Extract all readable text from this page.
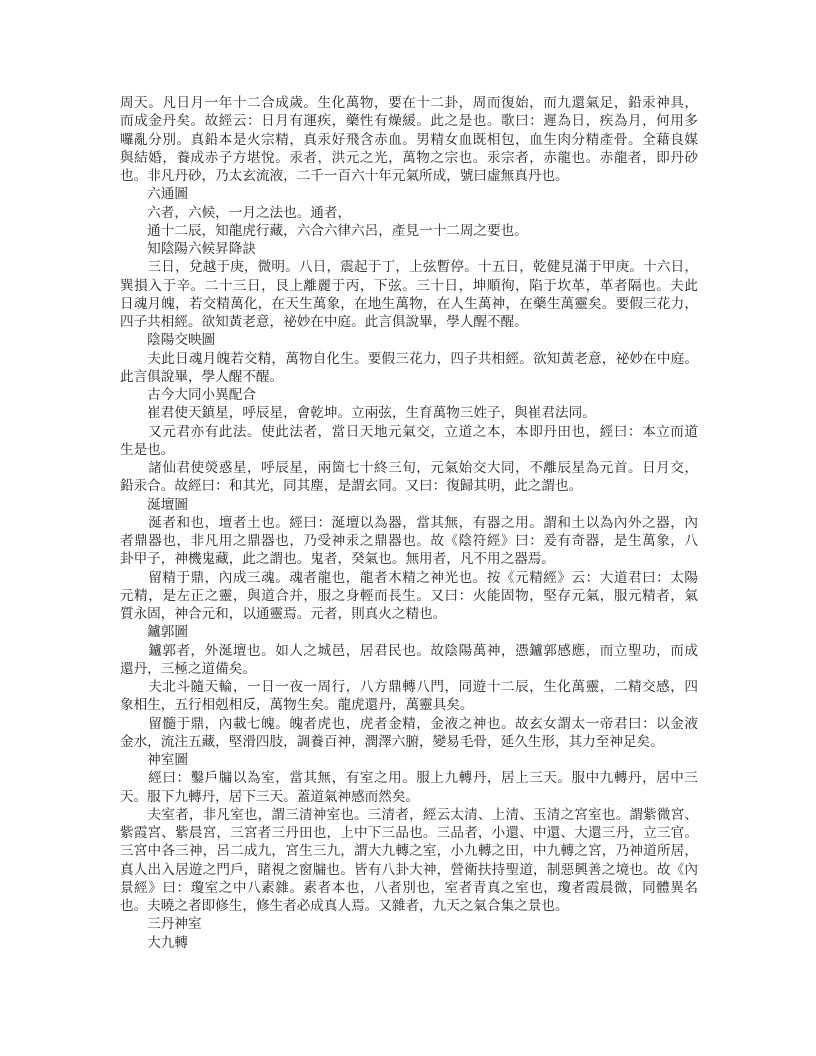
周天。凡日月一年十二合成歲。生化萬物，要在十二卦，周而復始，而九還氣足，鉛汞神具，
而成金丹矣。故經云：日月有運疾，藥性有燥緩。此之是也。歌曰：遲為日，疾為月，何用多
囉亂分別。真鉛本是火宗精，真汞好飛含赤血。男精女血既相包，血生肉分精產骨。全藉良媒
與結婚，養成赤子方堪悅。汞者，洪元之光，萬物之宗也。汞宗者，赤龍也。赤龍者，即丹砂
也。非凡丹砂，乃太玄流液，二千一百六十年元氣所成，號曰虛無真丹也。
　　六通圖
　　六者，六候，一月之法也。通者，
　　通十二辰，知龍虎行藏，六合六律六呂，產見一十二周之要也。
　　知陰陽六候昇降訣
　　三日，兌越于庚，微明。八日，震起于丁，上弦暫停。十五日，乾健見滿于甲庚。十六日，
巽損入于辛。二十三日，艮上離麗于丙，下弦。三十日，坤順徇，陷于坎革，革者隔也。夫此
日魂月魄，若交精萬化，在天生萬象，在地生萬物，在人生萬神，在藥生萬靈矣。要假三花力，
四子共相經。欲知黃老意，祕妙在中庭。此言俱說畢，學人醒不醒。
　　陰陽交映圖
　　夫此日魂月魄若交精，萬物自化生。要假三花力，四子共相經。欲知黃老意，祕妙在中庭。
此言俱說畢，學人醒不醒。
　　古今大同小異配合
　　崔君使天鎮星，呼辰星，會乾坤。立兩弦，生育萬物三姓子，與崔君法同。
　　又元君亦有此法。使此法者，當日天地元氣交，立道之本，本即丹田也，經曰：本立而道
生是也。
　　諸仙君使熒惑星，呼辰星，兩箇七十終三旬，元氣始交大同，不離辰星為元首。日月交，
鉛汞合。故經曰：和其光，同其塵，是謂玄同。又曰：復歸其明，此之謂也。
　　涎壇圖
　　涎者和也，壇者土也。經曰：涎壇以為器，當其無，有器之用。謂和土以為內外之器，內
者鼎器也，非凡用之鼎器也，乃受神汞之鼎器也。故《陰符經》曰：爰有奇器，是生萬象，八
卦甲子，神機鬼藏，此之謂也。鬼者，癸氣也。無用者，凡不用之器焉。
　　留精于鼎，內成三魂。魂者龍也，龍者木精之神光也。按《元精經》云：大道君曰：太陽
元精，是左正之靈，與道合并，服之身輕而長生。又曰：火能固物，堅存元氣，服元精者，氣
質永固，神合元和，以通靈焉。元者，則真火之精也。
　　鑪郭圖
　　鑪郭者，外涎壇也。如人之城邑，居君民也。故陰陽萬神，憑鑪郭感應，而立聖功，而成
還丹，三極之道備矣。
　　夫北斗隨天輪，一日一夜一周行，八方鼎轉八門，同遊十二辰，生化萬靈，二精交感，四
象相生，五行相剋相反，萬物生矣。龍虎還丹，萬靈具矣。
　　留髓于鼎，內載七魄。魄者虎也，虎者金精，金液之神也。故玄女謂太一帝君曰：以金液
金水，流注五藏，堅滑四肢，調養百神，潤澤六腑，變易毛骨，延久生形，其力至神足矣。
　　神室圖
　　經曰：鑿戶牖以為室，當其無，有室之用。服上九轉丹，居上三天。服中九轉丹，居中三
天。服下九轉丹，居下三天。蓋道氣神感而然矣。
　　夫室者，非凡室也，謂三清神室也。三清者，經云太清、上清、玉清之宮室也。謂紫微宮、
紫霞宮、紫晨宮，三宮者三丹田也，上中下三品也。三品者，小還、中還、大還三丹，立三官。
三宮中各三神，呂二成九，宮生三九，謂大九轉之室，小九轉之田，中九轉之宮，乃神道所居，
真人出入居遊之門戶，睹視之窗牖也。皆有八卦大神，營衛扶持聖道，制惡興善之境也。故《內
景經》曰：瓊室之中八素雜。素者本也，八者別也，室者青真之室也，瓊者霞晨微，同體異名
也。夫曉之者即修生，修生者必成真人焉。又雜者，九天之氣合集之景也。
　　三丹神室
　　大九轉
